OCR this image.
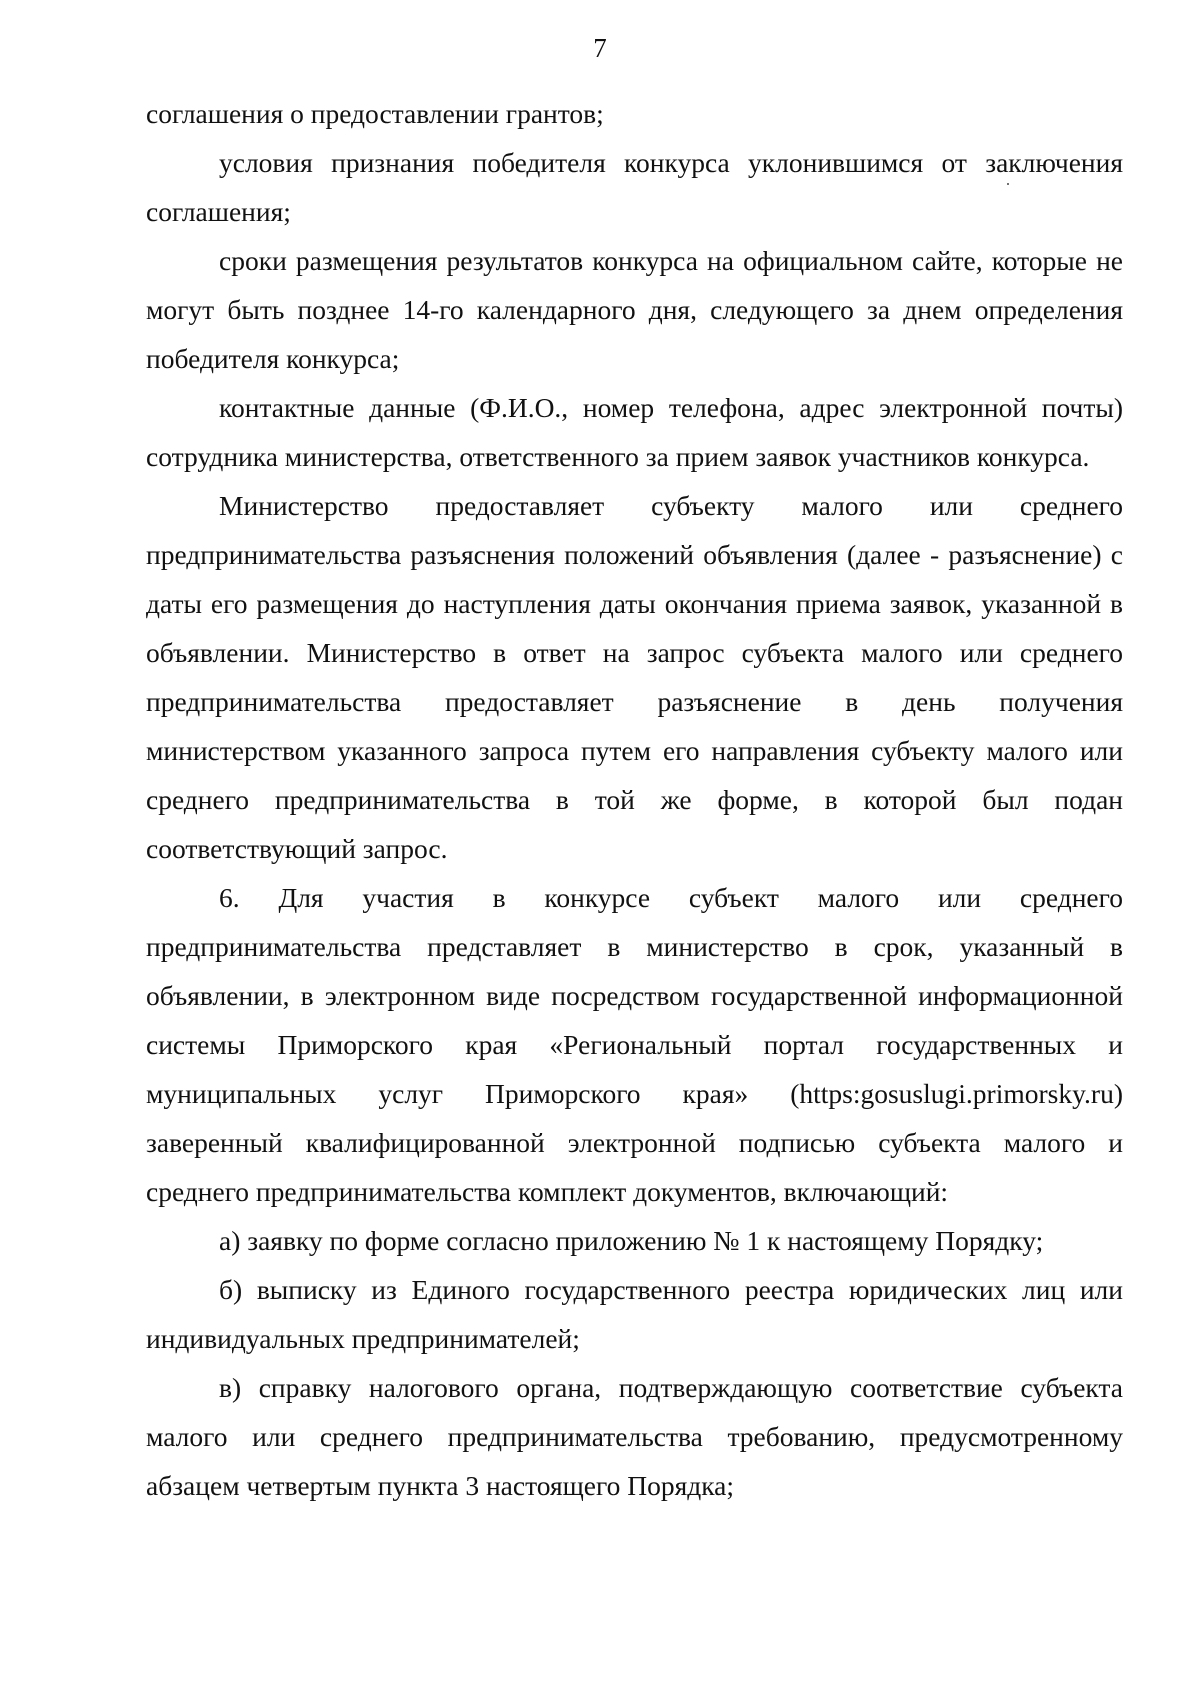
7

соглашения о предоставлении грантов;

условия признания победителя конкурса уклонившимся от заключения соглашения;

сроки размещения результатов конкурса на официальном сайте, которые не могут быть позднее 14-го календарного дня, следующего за днем определения победителя конкурса;

контактные данные (Ф.И.О., номер телефона, адрес электронной почты) сотрудника министерства, ответственного за прием заявок участников конкурса.

Министерство предоставляет субъекту малого или среднего предпринимательства разъяснения положений объявления (далее - разъяснение) с даты его размещения до наступления даты окончания приема заявок, указанной в объявлении. Министерство в ответ на запрос субъекта малого или среднего предпринимательства предоставляет разъяснение в день получения министерством указанного запроса путем его направления субъекту малого или среднего предпринимательства в той же форме, в которой был подан соответствующий запрос.

6. Для участия в конкурсе субъект малого или среднего предпринимательства представляет в министерство в срок, указанный в объявлении, в электронном виде посредством государственной информационной системы Приморского края «Региональный портал государственных и муниципальных услуг Приморского края» (https:gosuslugi.primorsky.ru) заверенный квалифицированной электронной подписью субъекта малого и среднего предпринимательства комплект документов, включающий:

а) заявку по форме согласно приложению № 1 к настоящему Порядку;

б) выписку из Единого государственного реестра юридических лиц или индивидуальных предпринимателей;

в) справку налогового органа, подтверждающую соответствие субъекта малого или среднего предпринимательства требованию, предусмотренному абзацем четвертым пункта 3 настоящего Порядка;
